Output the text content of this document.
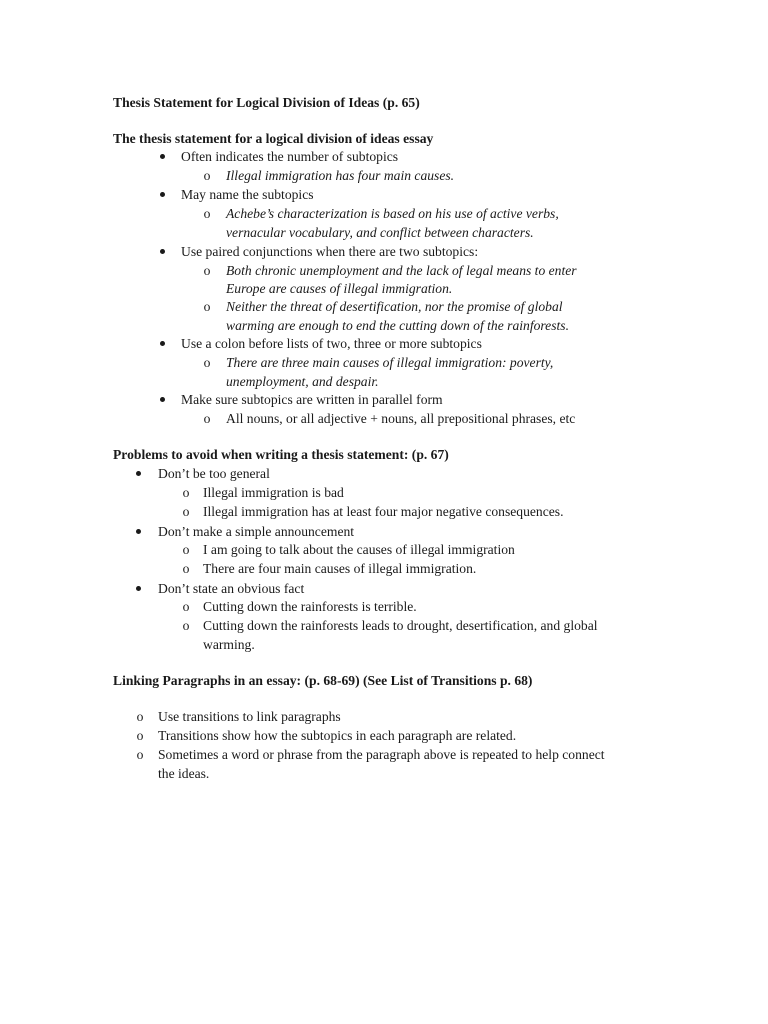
Thesis Statement for Logical Division of Ideas (p. 65)
The thesis statement for a logical division of ideas essay
Often indicates the number of subtopics
o Illegal immigration has four main causes.
May name the subtopics
o Achebe’s characterization is based on his use of active verbs,
vernacular vocabulary, and conflict between characters.
Use paired conjunctions when there are two subtopics:
o Both chronic unemployment and the lack of legal means to enter
Europe are causes of illegal immigration.
o Neither the threat of desertification, nor the promise of global
warming are enough to end the cutting down of the rainforests.
Use a colon before lists of two, three or more subtopics
o There are three main causes of illegal immigration: poverty,
unemployment, and despair.
Make sure subtopics are written in parallel form
o All nouns, or all adjective + nouns, all prepositional phrases, etc
Problems to avoid when writing a thesis statement: (p. 67)
Don’t be too general
o Illegal immigration is bad
o Illegal immigration has at least four major negative consequences.
Don’t make a simple announcement
o I am going to talk about the causes of illegal immigration
o There are four main causes of illegal immigration.
Don’t state an obvious fact
o Cutting down the rainforests is terrible.
o Cutting down the rainforests leads to drought, desertification, and global
warming.
Linking Paragraphs in an essay: (p. 68-69) (See List of Transitions p. 68)
o Use transitions to link paragraphs
o Transitions show how the subtopics in each paragraph are related.
o Sometimes a word or phrase from the paragraph above is repeated to help connect
the ideas.
